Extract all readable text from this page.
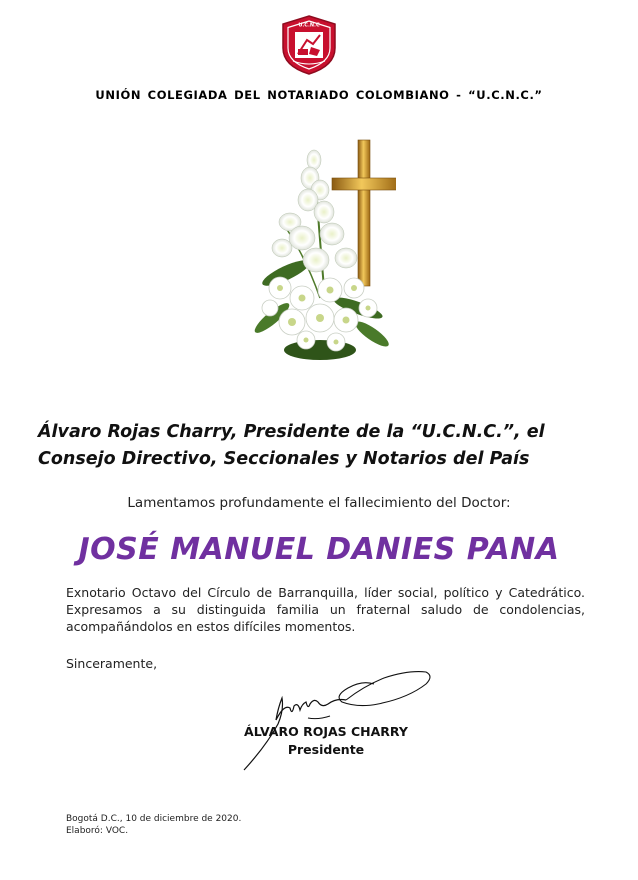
U.C.N.C
UNIÓN COLEGIADA DEL NOTARIADO COLOMBIANO - “U.C.N.C.”
Álvaro Rojas Charry, Presidente de la “U.C.N.C.”, el Consejo Directivo, Seccionales y Notarios del País
Lamentamos profundamente el fallecimiento del Doctor:
JOSÉ MANUEL DANIES PANA
Exnotario Octavo del Círculo de Barranquilla, líder social, político y Catedrático. Expresamos a su distinguida familia un fraternal saludo de condolencias, acompañándolos en estos difíciles momentos.
Sinceramente,
ÁLVARO ROJAS CHARRY
Presidente
Bogotá D.C., 10 de diciembre de 2020.
Elaboró: VOC.
